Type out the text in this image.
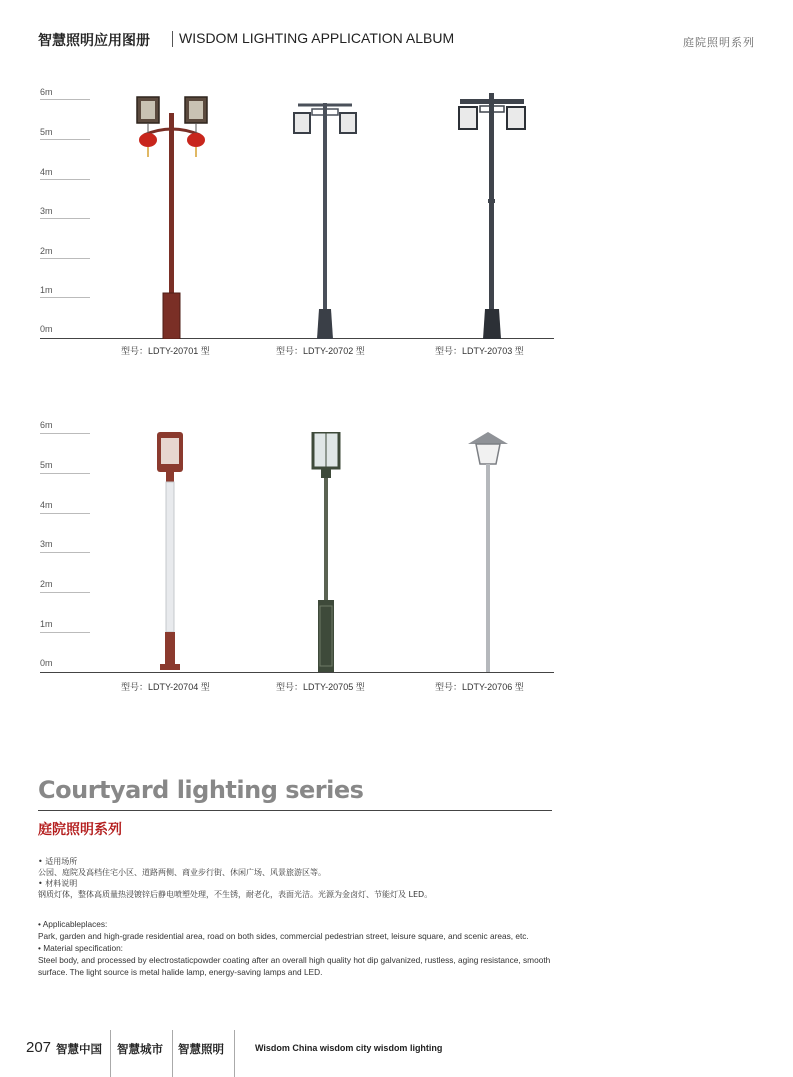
智慧照明应用图册 WISDOM LIGHTING APPLICATION ALBUM	庭院照明系列
6m
5m
4m
3m
2m
1m
0m
型号：LDTY-20701 型	型号：LDTY-20702 型	型号：LDTY-20703 型
6m
5m
4m
3m
2m
1m
0m
型号：LDTY-20704 型	型号：LDTY-20705 型	型号：LDTY-20706 型
Courtyard lighting series
庭院照明系列
• 适用场所
公园、庭院及高档住宅小区、道路两侧、商业步行街、休闲广场、风景旅游区等。
• 材料说明
钢质灯体，整体高质量热浸镀锌后静电喷塑处理，不生锈，耐老化，表面光洁。光源为金卤灯、节能灯及 LED。
• Applicableplaces:
Park, garden and high-grade residential area, road on both sides, commercial pedestrian street, leisure square, and scenic areas, etc.
• Material specification:
Steel body, and processed by electrostaticpowder coating after an overall high quality hot dip galvanized, rustless, aging resistance, smooth surface. The light source is metal halide lamp, energy-saving lamps and LED.
207 智慧中国 智慧城市 智慧照明	Wisdom China wisdom city wisdom lighting
